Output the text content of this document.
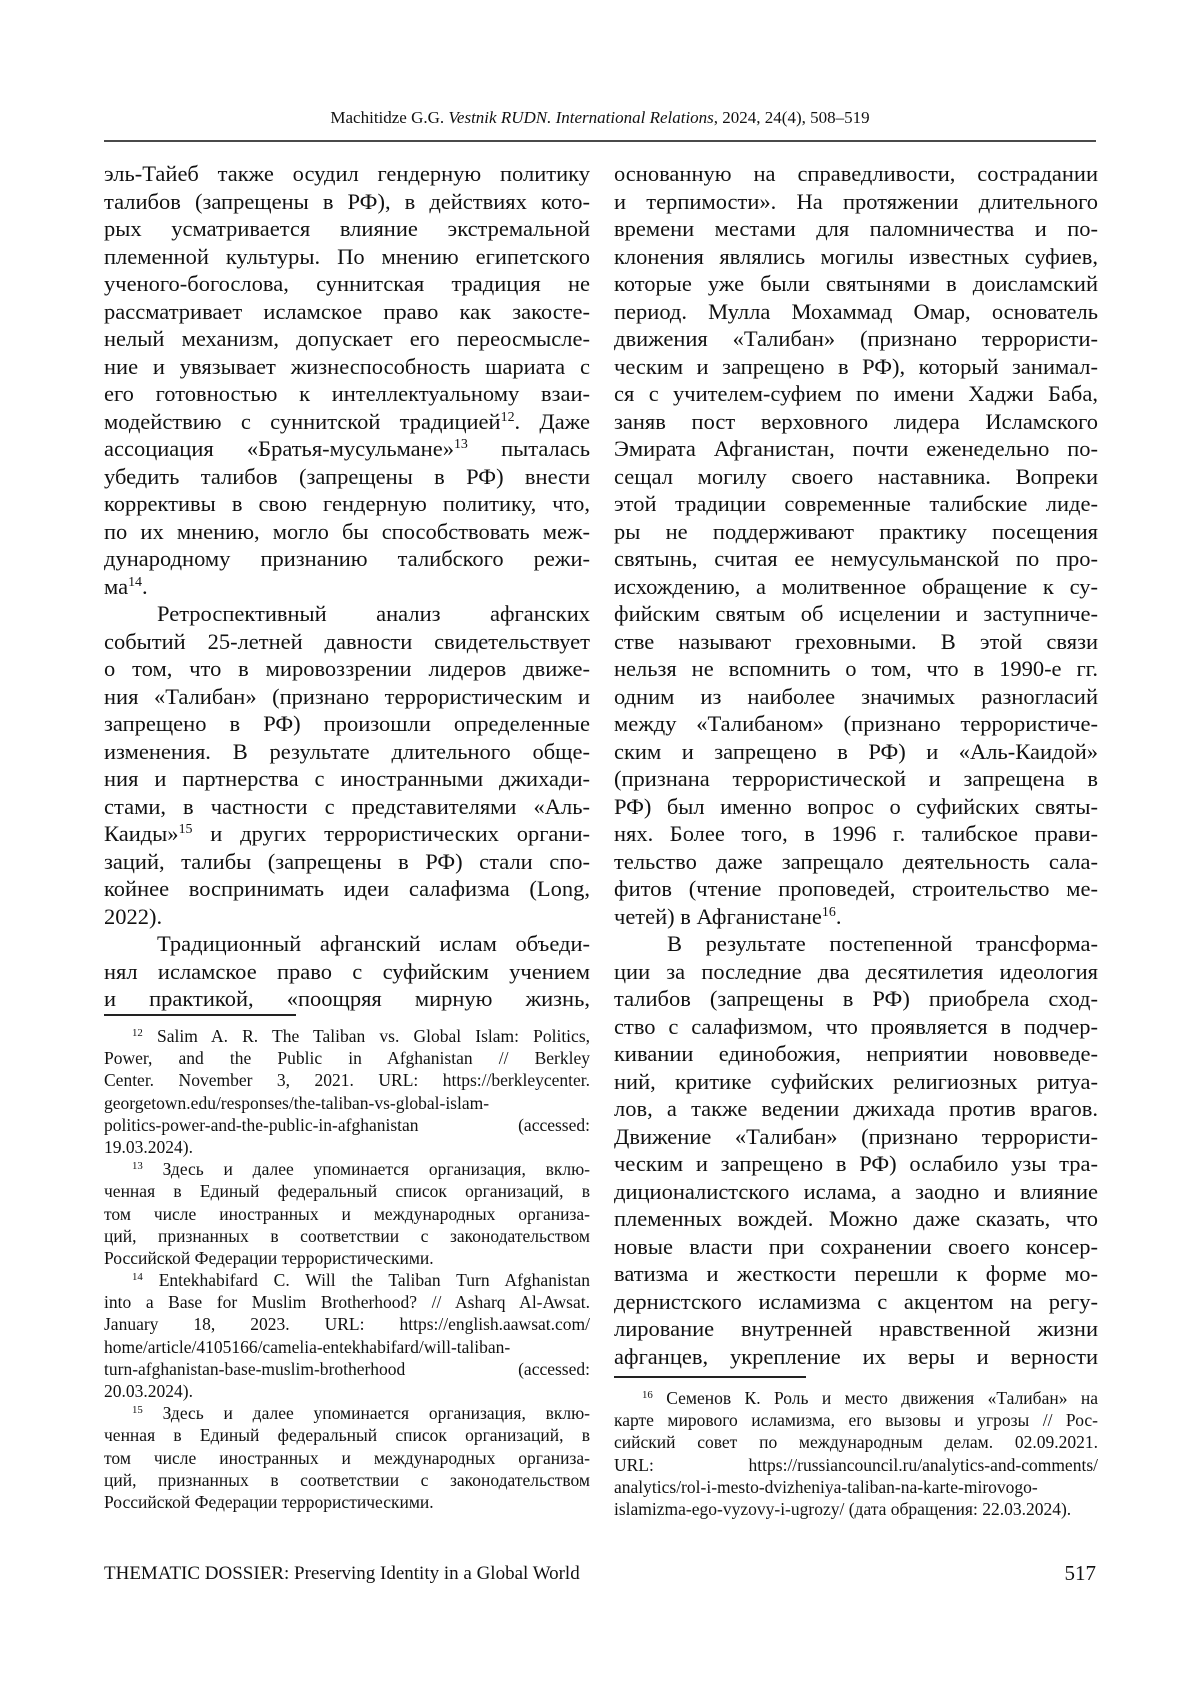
Machitidze G.G. Vestnik RUDN. International Relations, 2024, 24(4), 508–519
эль-Тайеб также осудил гендерную политику
талибов (запрещены в РФ), в действиях кото-
рых усматривается влияние экстремальной
племенной культуры. По мнению египетского
ученого-богослова, суннитская традиция не
рассматривает исламское право как закосте-
нелый механизм, допускает его переосмысле-
ние и увязывает жизнеспособность шариата с
его готовностью к интеллектуальному взаи-
модействию с суннитской традицией12. Даже
ассоциация «Братья-мусульмане»13 пыталась
убедить талибов (запрещены в РФ) внести
коррективы в свою гендерную политику, что,
по их мнению, могло бы способствовать меж-
дународному признанию талибского режи-
ма14.
Ретроспективный анализ афганских
событий 25-летней давности свидетельствует
о том, что в мировоззрении лидеров движе-
ния «Талибан» (признано террористическим и
запрещено в РФ) произошли определенные
изменения. В результате длительного обще-
ния и партнерства с иностранными джихади-
стами, в частности с представителями «Аль-
Каиды»15 и других террористических органи-
заций, талибы (запрещены в РФ) стали спо-
койнее воспринимать идеи салафизма (Long,
2022).
Традиционный афганский ислам объеди-
нял исламское право с суфийским учением
и практикой, «поощряя мирную жизнь,
12 Salim A. R. The Taliban vs. Global Islam: Politics,
Power, and the Public in Afghanistan // Berkley
Center. November 3, 2021. URL: https://berkleycenter.
georgetown.edu/responses/the-taliban-vs-global-islam-
politics-power-and-the-public-in-afghanistan (accessed:
19.03.2024).
13 Здесь и далее упоминается организация, вклю-
ченная в Единый федеральный список организаций, в
том числе иностранных и международных организа-
ций, признанных в соответствии с законодательством
Российской Федерации террористическими.
14 Entekhabifard C. Will the Taliban Turn Afghanistan
into a Base for Muslim Brotherhood? // Asharq Al-Awsat.
January 18, 2023. URL: https://english.aawsat.com/
home/article/4105166/camelia-entekhabifard/will-taliban-
turn-afghanistan-base-muslim-brotherhood (accessed:
20.03.2024).
15 Здесь и далее упоминается организация, вклю-
ченная в Единый федеральный список организаций, в
том числе иностранных и международных организа-
ций, признанных в соответствии с законодательством
Российской Федерации террористическими.
основанную на справедливости, сострадании
и терпимости». На протяжении длительного
времени местами для паломничества и по-
клонения являлись могилы известных суфиев,
которые уже были святынями в доисламский
период. Мулла Мохаммад Омар, основатель
движения «Талибан» (признано террористи-
ческим и запрещено в РФ), который занимал-
ся с учителем-суфием по имени Хаджи Баба,
заняв пост верховного лидера Исламского
Эмирата Афганистан, почти еженедельно по-
сещал могилу своего наставника. Вопреки
этой традиции современные талибские лиде-
ры не поддерживают практику посещения
святынь, считая ее немусульманской по про-
исхождению, а молитвенное обращение к су-
фийским святым об исцелении и заступниче-
стве называют греховными. В этой связи
нельзя не вспомнить о том, что в 1990-е гг.
одним из наиболее значимых разногласий
между «Талибаном» (признано террористиче-
ским и запрещено в РФ) и «Аль-Каидой»
(признана террористической и запрещена в
РФ) был именно вопрос о суфийских святы-
нях. Более того, в 1996 г. талибское прави-
тельство даже запрещало деятельность сала-
фитов (чтение проповедей, строительство ме-
четей) в Афганистане16.
В результате постепенной трансформа-
ции за последние два десятилетия идеология
талибов (запрещены в РФ) приобрела сход-
ство с салафизмом, что проявляется в подчер-
кивании единобожия, неприятии нововведе-
ний, критике суфийских религиозных ритуа-
лов, а также ведении джихада против врагов.
Движение «Талибан» (признано террористи-
ческим и запрещено в РФ) ослабило узы тра-
диционалистского ислама, а заодно и влияние
племенных вождей. Можно даже сказать, что
новые власти при сохранении своего консер-
ватизма и жесткости перешли к форме мо-
дернистского исламизма с акцентом на регу-
лирование внутренней нравственной жизни
афганцев, укрепление их веры и верности
16 Семенов К. Роль и место движения «Талибан» на
карте мирового исламизма, его вызовы и угрозы // Рос-
сийский совет по международным делам. 02.09.2021.
URL: https://russiancouncil.ru/analytics-and-comments/
analytics/rol-i-mesto-dvizheniya-taliban-na-karte-mirovogo-
islamizma-ego-vyzovy-i-ugrozy/ (дата обращения: 22.03.2024).
THEMATIC DOSSIER: Preserving Identity in a Global World	517
